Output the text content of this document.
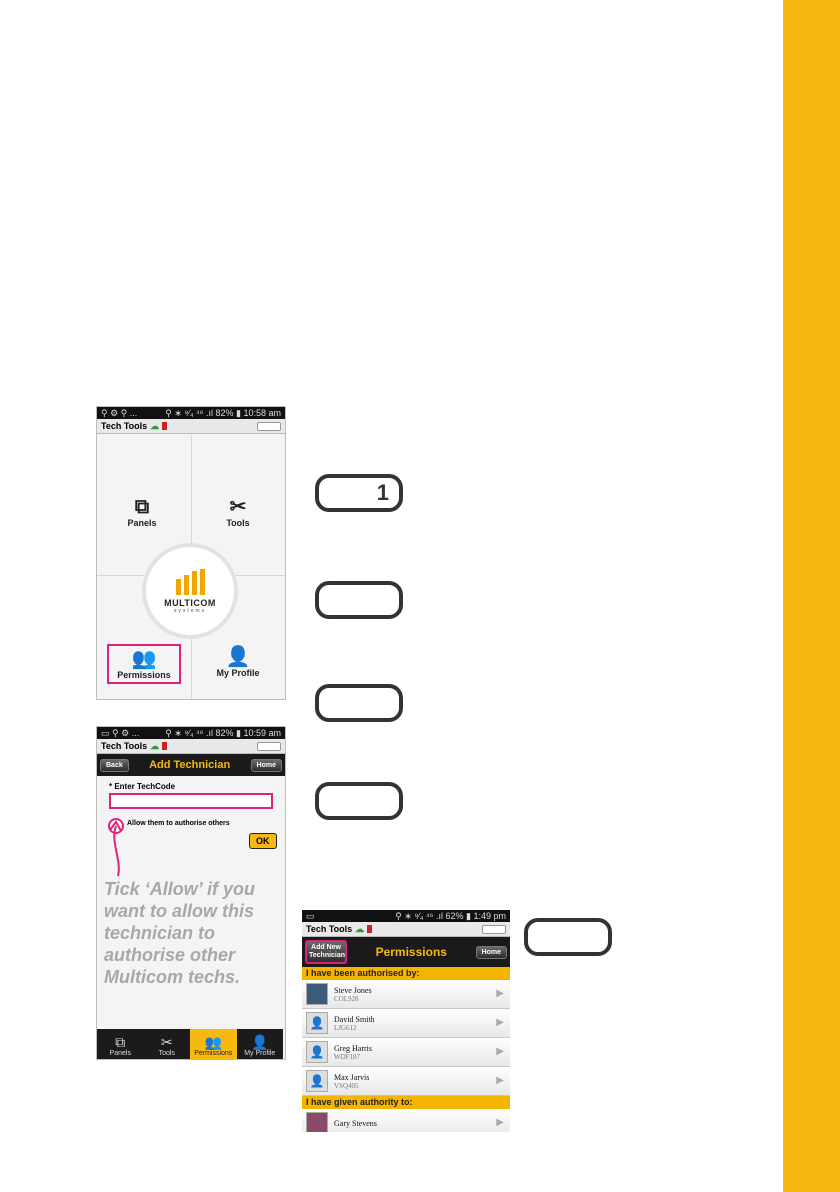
⚲ ⚙ ⚲ ...	⚲ ∗ ⁹⁄₄ ⁴⁶ .ıl 82% ▮ 10:58 am
Tech Tools ☁
⧉
Panels
✂
Tools
MULTICOM
systems
👥
Permissions
👤
My Profile
▭ ⚲ ⚙ ...	⚲ ∗ ⁹⁄₄ ⁴⁶ .ıl 82% ▮ 10:59 am
Tech Tools ☁
Back	Add Technician	Home
* Enter TechCode
Allow them to authorise others
OK
⧉
Panels
✂
Tools
👥
Permissions
👤
My Profile
Tick ‘Allow’ if you want to allow this technician to authorise other Multicom techs.
1
▭	⚲ ∗ ⁹⁄₄ ⁴⁶ .ıl 62% ▮ 1:49 pm
Tech Tools ☁
Add New Technician	Permissions	Home
I have been authorised by:
Steve Jones
COL928	▶
👤	David Smith
LJG612	▶
👤	Greg Harris
WDF187	▶
👤	Max Jarvis
VSQ405	▶
I have given authority to:
Gary Stevens	▶
